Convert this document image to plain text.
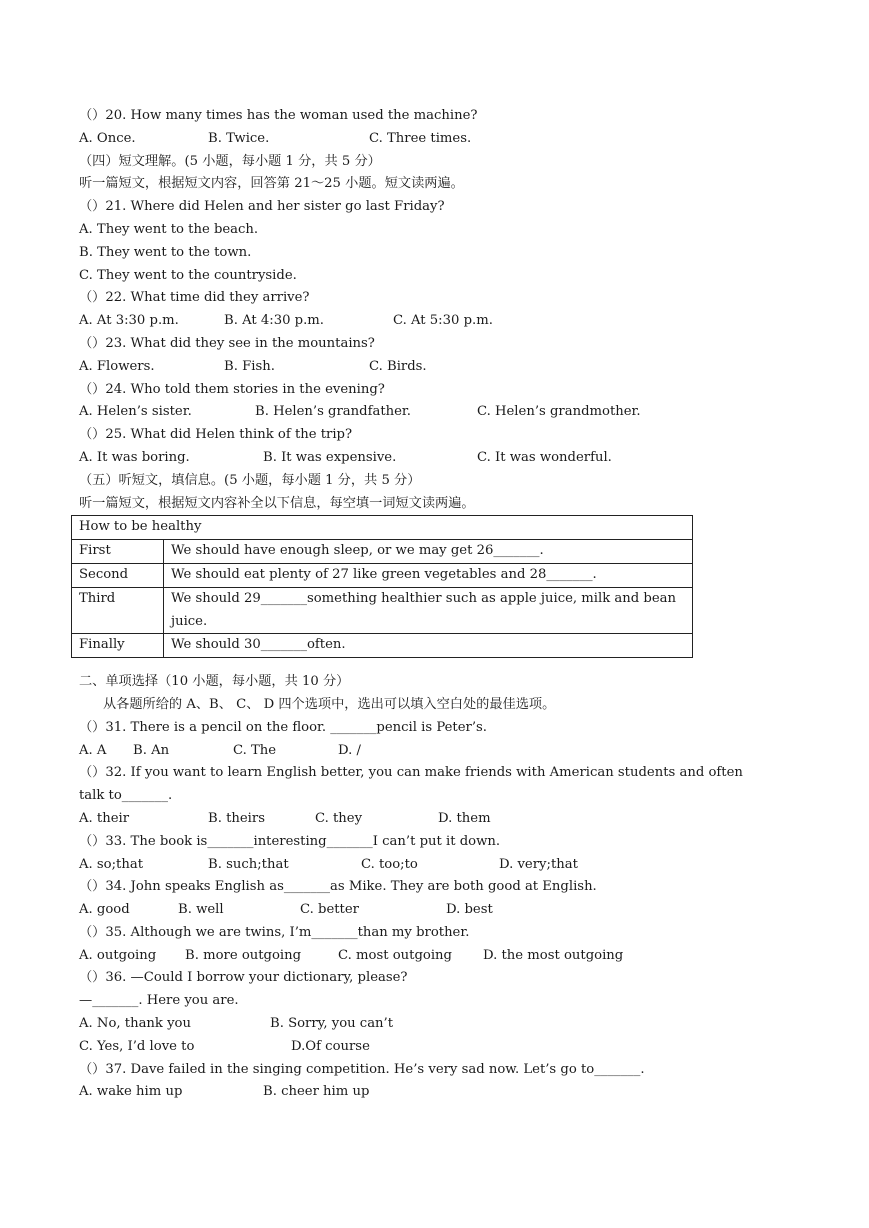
（）20. How many times has the woman used the machine?
A. Once.	B. Twice.	C. Three times.
（四）短文理解。(5 小题，每小题 1 分，共 5 分）
听一篇短文，根据短文内容，回答第 21～25 小题。短文读两遍。
（）21. Where did Helen and her sister go last Friday?
A. They went to the beach.
B. They went to the town.
C. They went to the countryside.
（）22. What time did they arrive?
A. At 3:30 p.m.	B. At 4:30 p.m.	C. At 5:30 p.m.
（）23. What did they see in the mountains?
A. Flowers.	B. Fish.	C. Birds.
（）24. Who told them stories in the evening?
A. Helen’s sister.	B. Helen’s grandfather.	C. Helen’s grandmother.
（）25. What did Helen think of the trip?
A. It was boring.	B. It was expensive.	C. It was wonderful.
（五）听短文，填信息。(5 小题，每小题 1 分，共 5 分）
听一篇短文，根据短文内容补全以下信息，每空填一词短文读两遍。
How to be healthy	
First	We should have enough sleep, or we may get 26_______.
Second	We should eat plenty of 27 like green vegetables and 28_______.
Third	We should 29_______something healthier such as apple juice, milk and bean juice.
Finally	We should 30_______often.
二、单项选择（10 小题，每小题，共 10 分）
从各题所给的 A、B、 C、 D 四个选项中，选出可以填入空白处的最佳选项。
（）31. There is a pencil on the floor. _______pencil is Peter’s.
A. A	B. An	C. The	D. /
（）32. If you want to learn English better, you can make friends with American students and often
talk to_______.
A. their	B. theirs	C. they	D. them
（）33. The book is_______interesting_______I can’t put it down.
A. so;that	B. such;that	C. too;to	D. very;that
（）34. John speaks English as_______as Mike. They are both good at English.
A. good	B. well	C. better	D. best
（）35. Although we are twins, I’m_______than my brother.
A. outgoing	B. more outgoing	C. most outgoing	D. the most outgoing
（）36. —Could I borrow your dictionary, please?
—_______. Here you are.
A. No, thank you	B. Sorry, you can’t
C. Yes, I’d love to	D.Of course
（）37. Dave failed in the singing competition. He’s very sad now. Let’s go to_______.
A. wake him up	B. cheer him up
